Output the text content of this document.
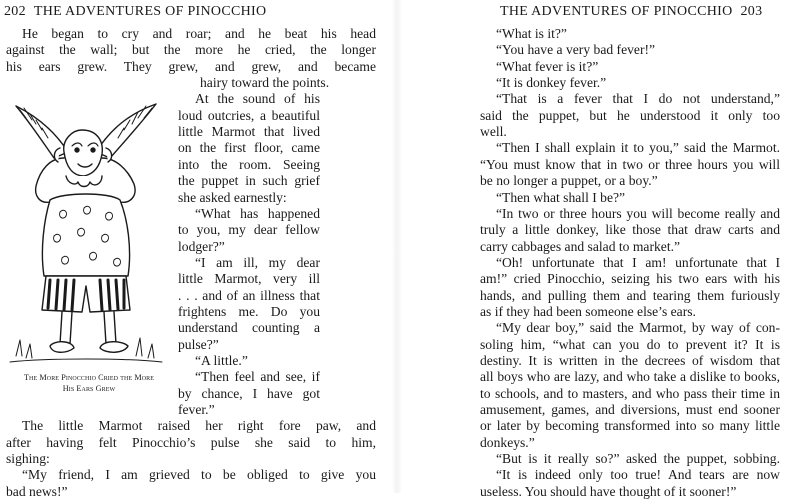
202 THE ADVENTURES OF PINOCCHIO
He began to cry and roar; and he beat his head
against the wall; but the more he cried, the longer
his ears grew. They grew, and grew, and became
hairy toward the points.
At the sound of his
loud outcries, a beautiful
little Marmot that lived
on the first floor, came
into the room. Seeing
the puppet in such grief
she asked earnestly:
“What has happened
to you, my dear fellow
lodger?”
“I am ill, my dear
little Marmot, very ill
. . . and of an illness that
frightens me. Do you
understand counting a
pulse?”
“A little.”
“Then feel and see, if
by chance, I have got
fever.”
The More Pinocchio Cried the More
His Ears Grew
The little Marmot raised her right fore paw, and
after having felt Pinocchio’s pulse she said to him,
sighing:
“My friend, I am grieved to be obliged to give you
bad news!”
THE ADVENTURES OF PINOCCHIO 203
“What is it?”
“You have a very bad fever!”
“What fever is it?”
“It is donkey fever.”
“That is a fever that I do not understand,”
said the puppet, but he understood it only too
well.
“Then I shall explain it to you,” said the Marmot.
“You must know that in two or three hours you will
be no longer a puppet, or a boy.”
“Then what shall I be?”
“In two or three hours you will become really and
truly a little donkey, like those that draw carts and
carry cabbages and salad to market.”
“Oh! unfortunate that I am! unfortunate that I
am!” cried Pinocchio, seizing his two ears with his
hands, and pulling them and tearing them furiously
as if they had been someone else’s ears.
“My dear boy,” said the Marmot, by way of con-
soling him, “what can you do to prevent it? It is
destiny. It is written in the decrees of wisdom that
all boys who are lazy, and who take a dislike to books,
to schools, and to masters, and who pass their time in
amusement, games, and diversions, must end sooner
or later by becoming transformed into so many little
donkeys.”
“But is it really so?” asked the puppet, sobbing.
“It is indeed only too true! And tears are now
useless. You should have thought of it sooner!”
